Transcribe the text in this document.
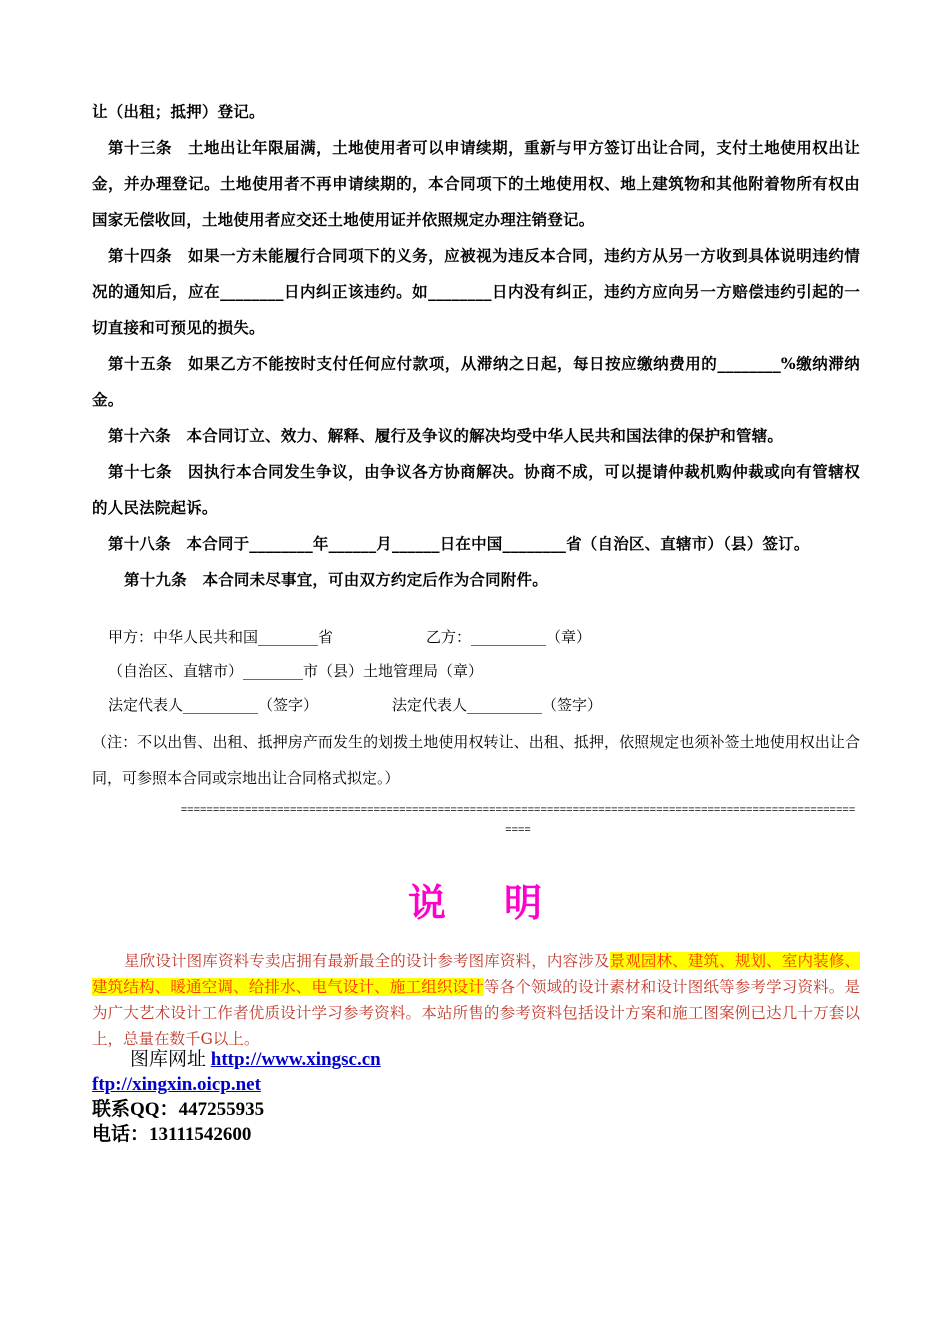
让（出租；抵押）登记。

第十三条　土地出让年限届满，土地使用者可以申请续期，重新与甲方签订出让合同，支付土地使用权出让金，并办理登记。土地使用者不再申请续期的，本合同项下的土地使用权、地上建筑物和其他附着物所有权由国家无偿收回，土地使用者应交还土地使用证并依照规定办理注销登记。

第十四条　如果一方未能履行合同项下的义务，应被视为违反本合同，违约方从另一方收到具体说明违约情况的通知后，应在________日内纠正该违约。如________日内没有纠正，违约方应向另一方赔偿违约引起的一切直接和可预见的损失。

第十五条　如果乙方不能按时支付任何应付款项，从滞纳之日起，每日按应缴纳费用的________%缴纳滞纳金。

第十六条　本合同订立、效力、解释、履行及争议的解决均受中华人民共和国法律的保护和管辖。

第十七条　因执行本合同发生争议，由争议各方协商解决。协商不成，可以提请仲裁机购仲裁或向有管辖权的人民法院起诉。

第十八条　本合同于________年______月______日在中国________省（自治区、直辖市）（县）签订。

第十九条　本合同未尽事宜，可由双方约定后作为合同附件。

甲方：中华人民共和国________省	乙方：__________（章）
（自治区、直辖市）________市（县）土地管理局（章）
法定代表人__________（签字）	法定代表人__________（签字）
（注：不以出售、出租、抵押房产而发生的划拨土地使用权转让、出租、抵押，依照规定也须补签土地使用权出让合同，可参照本合同或宗地出让合同格式拟定。）
=============================================================================================================
说明
星欣设计图库资料专卖店拥有最新最全的设计参考图库资料，内容涉及景观园林、建筑、规划、室内装修、建筑结构、暖通空调、给排水、电气设计、施工组织设计等各个领域的设计素材和设计图纸等参考学习资料。是为广大艺术设计工作者优质设计学习参考资料。本站所售的参考资料包括设计方案和施工图案例已达几十万套以上，总量在数千G以上。
图库网址 http://www.xingsc.cn
ftp://xingxin.oicp.net
联系QQ：447255935
电话：13111542600
